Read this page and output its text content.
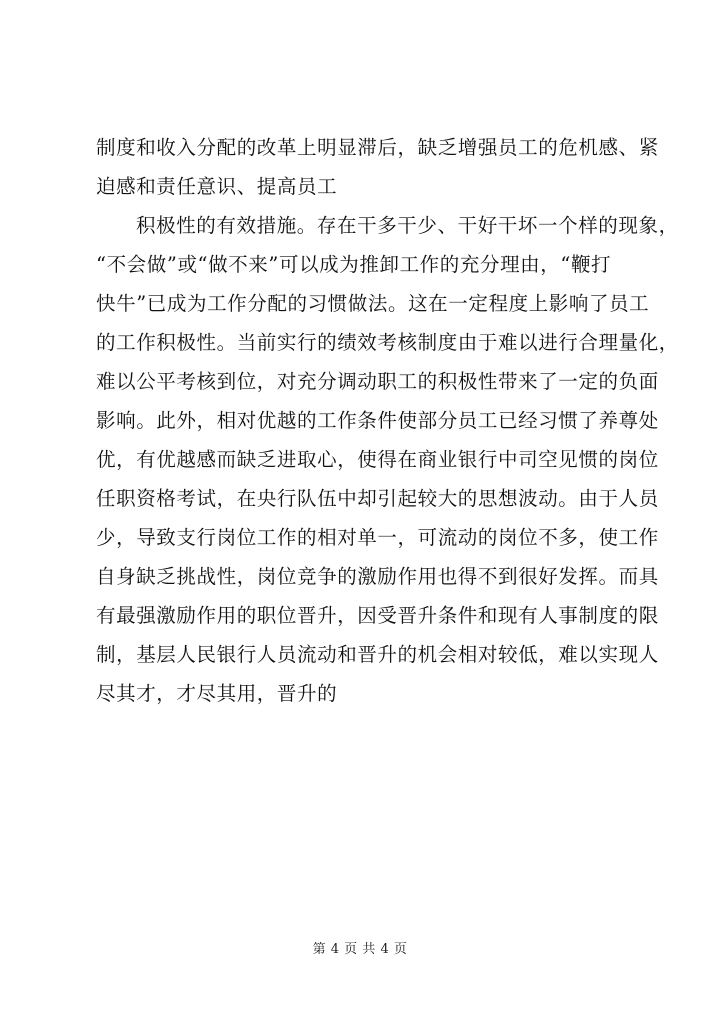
制度和收入分配的改革上明显滞后，缺乏增强员工的危机感、紧
迫感和责任意识、提高员工
积极性的有效措施。存在干多干少、干好干坏一个样的现象，
“不会做”或“做不来”可以成为推卸工作的充分理由，“鞭打
快牛”已成为工作分配的习惯做法。这在一定程度上影响了员工
的工作积极性。当前实行的绩效考核制度由于难以进行合理量化，
难以公平考核到位，对充分调动职工的积极性带来了一定的负面
影响。此外，相对优越的工作条件使部分员工已经习惯了养尊处
优，有优越感而缺乏进取心，使得在商业银行中司空见惯的岗位
任职资格考试，在央行队伍中却引起较大的思想波动。由于人员
少，导致支行岗位工作的相对单一，可流动的岗位不多，使工作
自身缺乏挑战性，岗位竞争的激励作用也得不到很好发挥。而具
有最强激励作用的职位晋升，因受晋升条件和现有人事制度的限
制，基层人民银行人员流动和晋升的机会相对较低，难以实现人
尽其才，才尽其用，晋升的
第 4 页 共 4 页
